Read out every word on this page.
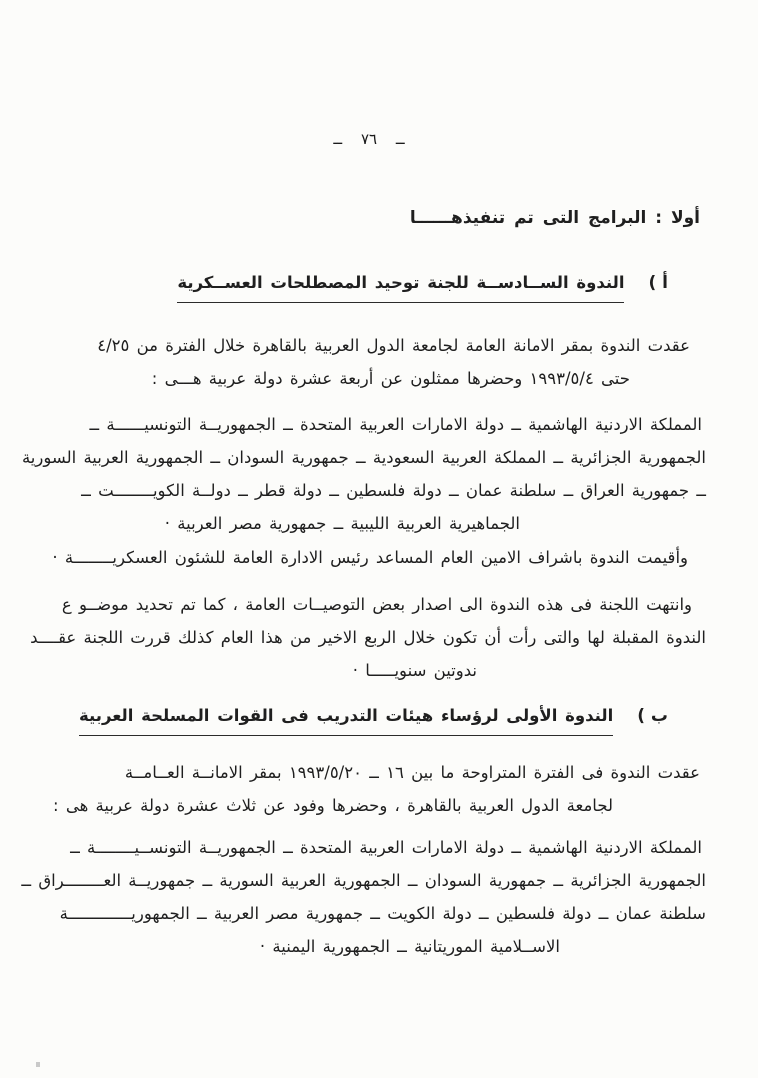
ــ ٧٦ ــ
أولا : البرامج التى تم تنفيذهــــــا
أ )
الندوة الســادســة للجنة توحيد المصطلحات العســكرية
عقدت الندوة بمقر الامانة العامة لجامعة الدول العربية بالقاهرة خلال الفترة من ٤/٢٥
حتى ١٩٩٣/٥/٤ وحضرها ممثلون عن أربعة عشرة دولة عربية هـــى :
المملكة الاردنية الهاشمية ــ دولة الامارات العربية المتحدة ــ الجمهوريــة التونسيــــــة ــ
الجمهورية الجزائرية ــ المملكة العربية السعودية ــ جمهورية السودان ــ الجمهورية العربية السورية
ــ جمهورية العراق ــ سلطنة عمان ــ دولة فلسطين ــ دولة قطر ــ دولــة الكويــــــــت ــ
الجماهيرية العربية الليبية ــ جمهورية مصر العربية ·
وأقيمت الندوة باشراف الامين العام المساعد رئيس الادارة العامة للشئون العسكريــــــــة ·
وانتهت اللجنة فى هذه الندوة الى اصدار بعض التوصيــات العامة ، كما تم تحديد موضــو ع
الندوة المقبلة لها والتى رأت أن تكون خلال الربع الاخير من هذا العام كذلك قررت اللجنة عقــــد
ندوتين سنويـــــا ·
ب )
الندوة الأولى لرؤساء هيئات التدريب فى القوات المسلحة العربية
عقدت الندوة فى الفترة المتراوحة ما بين ١٦ ــ ١٩٩٣/٥/٢٠ بمقر الامانــة العــامــة
لجامعة الدول العربية بالقاهرة ، وحضرها وفود عن ثلاث عشرة دولة عربية هى :
المملكة الاردنية الهاشمية ــ دولة الامارات العربية المتحدة ــ الجمهوريــة التونســيــــــــة ــ
الجمهورية الجزائرية ــ جمهورية السودان ــ الجمهورية العربية السورية ــ جمهوريــة العــــــــراق ــ
سلطنة عمان ــ دولة فلسطين ــ دولة الكويت ــ جمهورية مصر العربية ــ الجمهوريـــــــــــــة
الاســلامية الموريتانية ــ الجمهورية اليمنية ·
